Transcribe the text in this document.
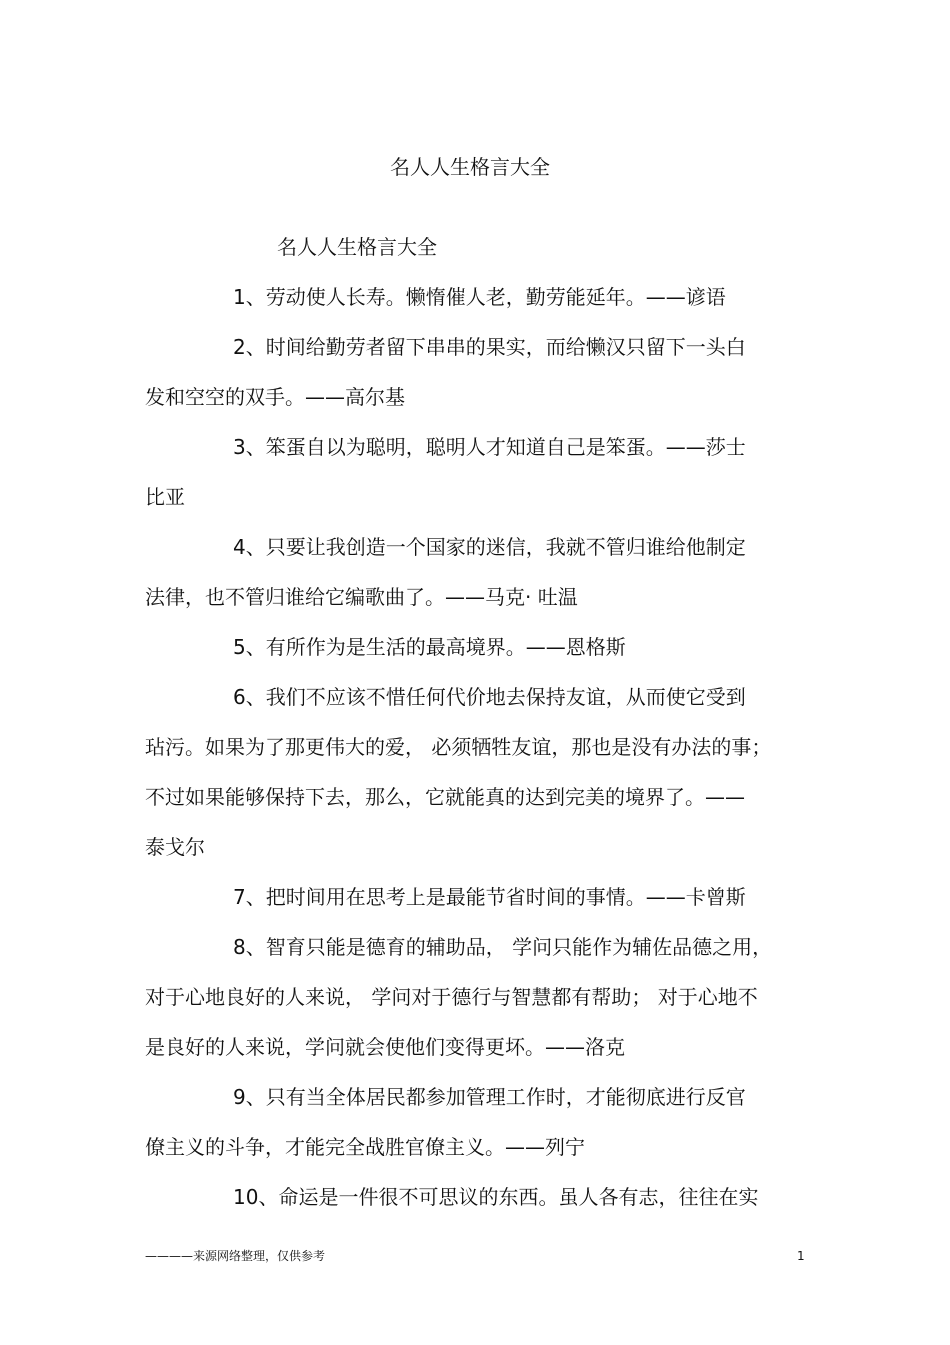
名人人生格言大全
名人人生格言大全
1、劳动使人长寿。懒惰催人老，勤劳能延年。——谚语
2、时间给勤劳者留下串串的果实，而给懒汉只留下一头白
发和空空的双手。——高尔基
3、笨蛋自以为聪明，聪明人才知道自己是笨蛋。——莎士
比亚
4、只要让我创造一个国家的迷信，我就不管归谁给他制定
法律，也不管归谁给它编歌曲了。——马克· 吐温
5、有所作为是生活的最高境界。——恩格斯
6、我们不应该不惜任何代价地去保持友谊，从而使它受到
玷污。如果为了那更伟大的爱， 必须牺牲友谊，那也是没有办法的事；
不过如果能够保持下去，那么，它就能真的达到完美的境界了。——
泰戈尔
7、把时间用在思考上是最能节省时间的事情。——卡曾斯
8、智育只能是德育的辅助品， 学问只能作为辅佐品德之用，
对于心地良好的人来说， 学问对于德行与智慧都有帮助； 对于心地不
是良好的人来说，学问就会使他们变得更坏。——洛克
9、只有当全体居民都参加管理工作时，才能彻底进行反官
僚主义的斗争，才能完全战胜官僚主义。——列宁
10、命运是一件很不可思议的东西。虽人各有志，往往在实
————来源网络整理，仅供参考	1
